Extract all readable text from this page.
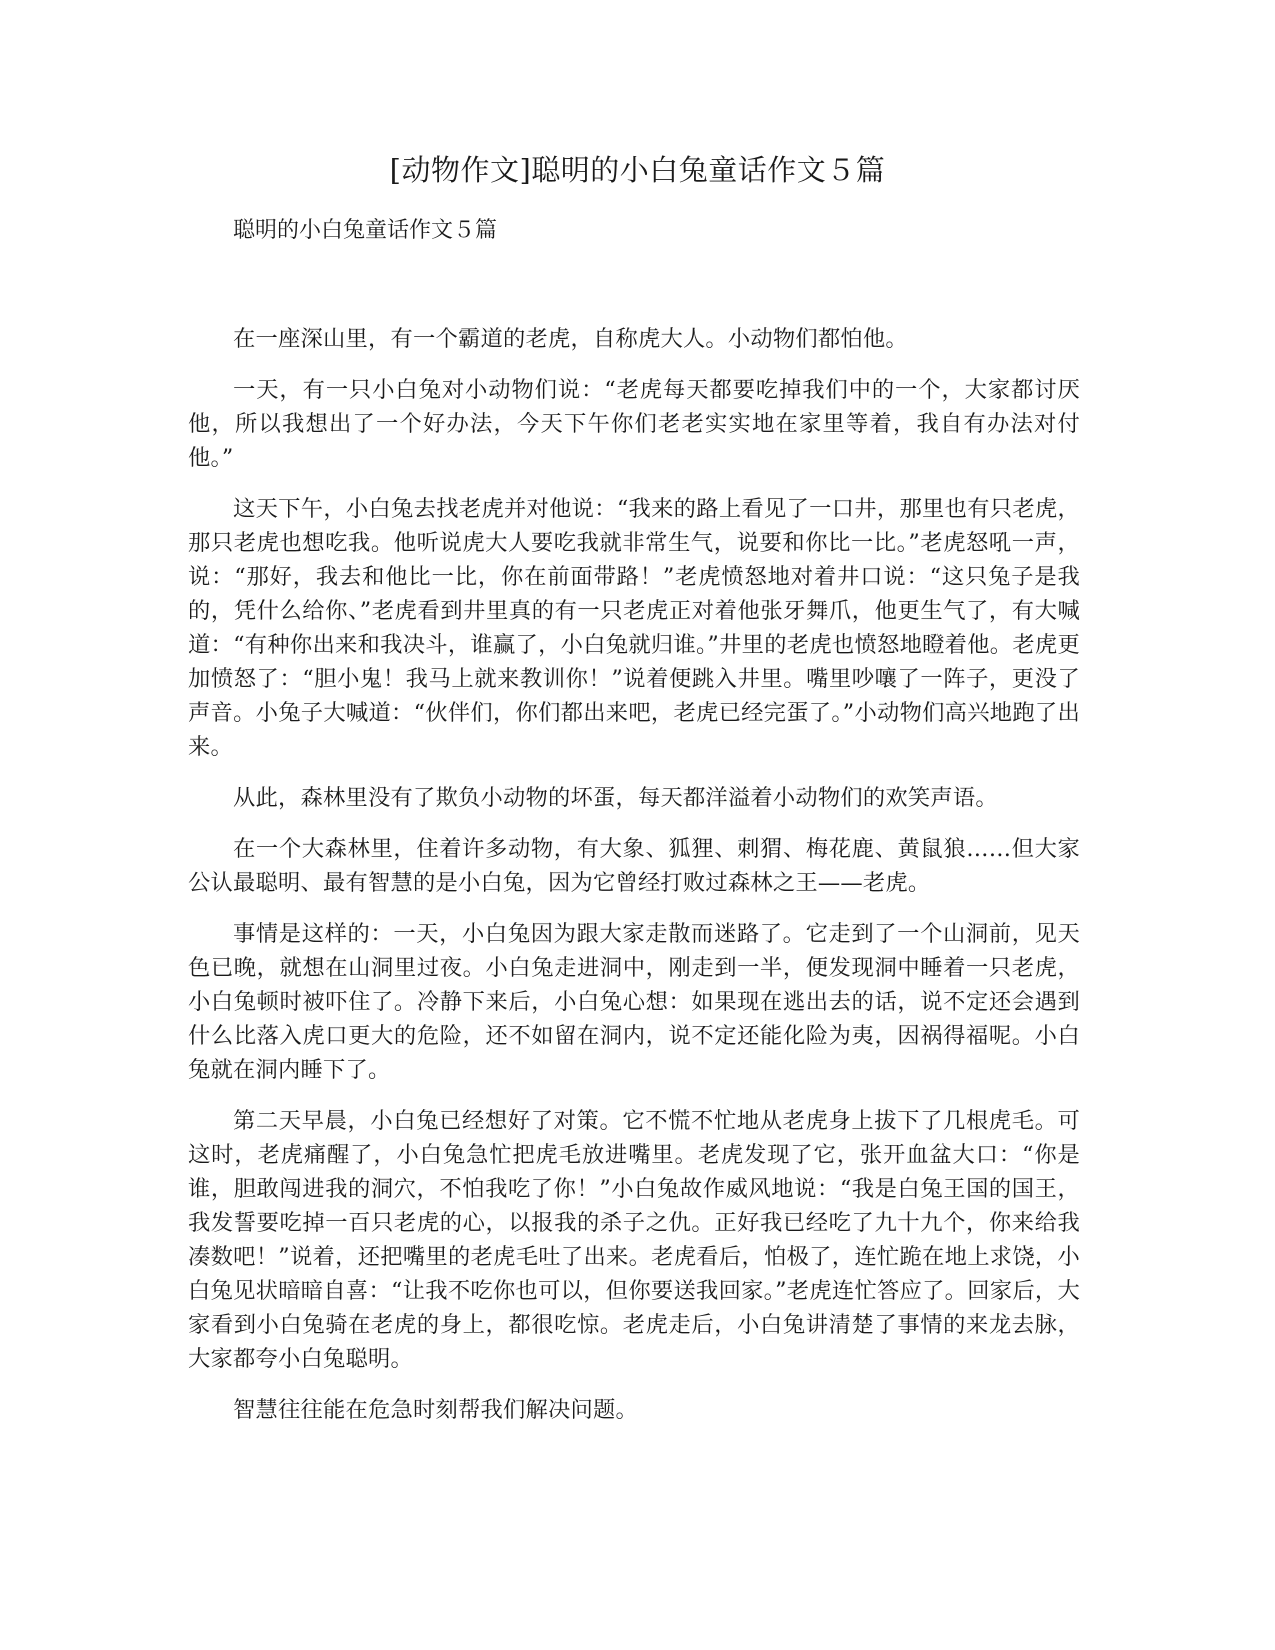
[动物作文]聪明的小白兔童话作文５篇

聪明的小白兔童话作文５篇

在一座深山里，有一个霸道的老虎，自称虎大人。小动物们都怕他。

一天，有一只小白兔对小动物们说：“老虎每天都要吃掉我们中的一个，大家都讨厌他，所以我想出了一个好办法，今天下午你们老老实实地在家里等着，我自有办法对付他。”

这天下午，小白兔去找老虎并对他说：“我来的路上看见了一口井，那里也有只老虎，那只老虎也想吃我。他听说虎大人要吃我就非常生气，说要和你比一比。”老虎怒吼一声，说：“那好，我去和他比一比，你在前面带路！”老虎愤怒地对着井口说：“这只兔子是我的，凭什么给你、”老虎看到井里真的有一只老虎正对着他张牙舞爪，他更生气了，有大喊道：“有种你出来和我决斗，谁赢了，小白兔就归谁。”井里的老虎也愤怒地瞪着他。老虎更加愤怒了：“胆小鬼！我马上就来教训你！”说着便跳入井里。嘴里吵嚷了一阵子，更没了声音。小兔子大喊道：“伙伴们，你们都出来吧，老虎已经完蛋了。”小动物们高兴地跑了出来。

从此，森林里没有了欺负小动物的坏蛋，每天都洋溢着小动物们的欢笑声语。

在一个大森林里，住着许多动物，有大象、狐狸、刺猬、梅花鹿、黄鼠狼……但大家公认最聪明、最有智慧的是小白兔，因为它曾经打败过森林之王——老虎。

事情是这样的：一天，小白兔因为跟大家走散而迷路了。它走到了一个山洞前，见天色已晚，就想在山洞里过夜。小白兔走进洞中，刚走到一半，便发现洞中睡着一只老虎，小白兔顿时被吓住了。冷静下来后，小白兔心想：如果现在逃出去的话，说不定还会遇到什么比落入虎口更大的危险，还不如留在洞内，说不定还能化险为夷，因祸得福呢。小白兔就在洞内睡下了。

第二天早晨，小白兔已经想好了对策。它不慌不忙地从老虎身上拔下了几根虎毛。可这时，老虎痛醒了，小白兔急忙把虎毛放进嘴里。老虎发现了它，张开血盆大口：“你是谁，胆敢闯进我的洞穴，不怕我吃了你！”小白兔故作威风地说：“我是白兔王国的国王，我发誓要吃掉一百只老虎的心，以报我的杀子之仇。正好我已经吃了九十九个，你来给我凑数吧！”说着，还把嘴里的老虎毛吐了出来。老虎看后，怕极了，连忙跪在地上求饶，小白兔见状暗暗自喜：“让我不吃你也可以，但你要送我回家。”老虎连忙答应了。回家后，大家看到小白兔骑在老虎的身上，都很吃惊。老虎走后，小白兔讲清楚了事情的来龙去脉，大家都夸小白兔聪明。

智慧往往能在危急时刻帮我们解决问题。
